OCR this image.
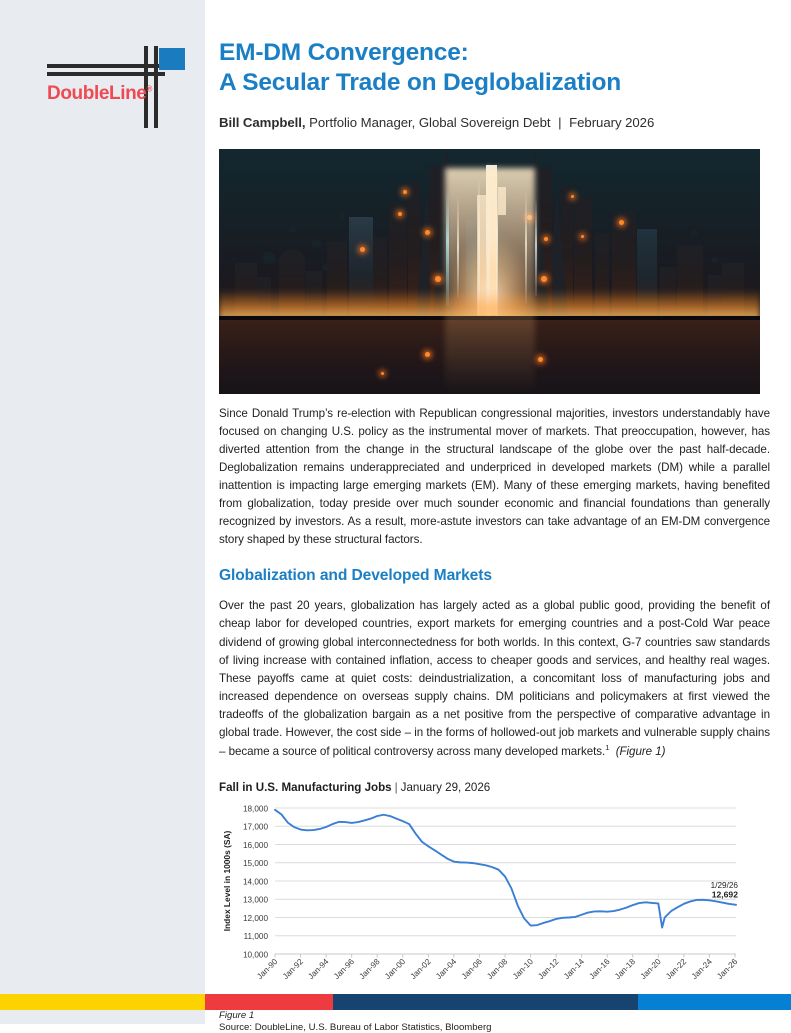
DoubleLine®
EM-DM Convergence:
A Secular Trade on Deglobalization
Bill Campbell, Portfolio Manager, Global Sovereign Debt | February 2026

Since Donald Trump’s re-election with Republican congressional majorities, investors understandably have focused on changing U.S. policy as the instrumental mover of markets. That preoccupation, however, has diverted attention from the change in the structural landscape of the globe over the past half-decade. Deglobalization remains underappreciated and underpriced in developed markets (DM) while a parallel inattention is impacting large emerging markets (EM). Many of these emerging markets, having benefited from globalization, today preside over much sounder economic and financial foundations than generally recognized by investors. As a result, more-astute investors can take advantage of an EM-DM convergence story shaped by these structural factors.

Globalization and Developed Markets

Over the past 20 years, globalization has largely acted as a global public good, providing the benefit of cheap labor for developed countries, export markets for emerging countries and a post-Cold War peace dividend of growing global interconnectedness for both worlds. In this context, G-7 countries saw standards of living increase with contained inflation, access to cheaper goods and services, and healthy real wages. These payoffs came at quiet costs: deindustrialization, a concomitant loss of manufacturing jobs and increased dependence on overseas supply chains. DM politicians and policymakers at first viewed the tradeoffs of the globalization bargain as a net positive from the perspective of comparative advantage in global trade. However, the cost side – in the forms of hollowed-out job markets and vulnerable supply chains – became a source of political controversy across many developed markets.$^1$ (Figure 1)

Fall in U.S. Manufacturing Jobs | January 29, 2026
18,000
17,000
16,000
15,000
14,000
13,000
12,000
11,000
10,000
Index Level in 1000s (SA)
Jan-90 Jan-92 Jan-94 Jan-96 Jan-98 Jan-00 Jan-02 Jan-04 Jan-06 Jan-08 Jan-10 Jan-12 Jan-14 Jan-16 Jan-18 Jan-20 Jan-22 Jan-24 Jan-26
1/29/26
12,692
Figure 1
Source: DoubleLine, U.S. Bureau of Labor Statistics, Bloomberg
